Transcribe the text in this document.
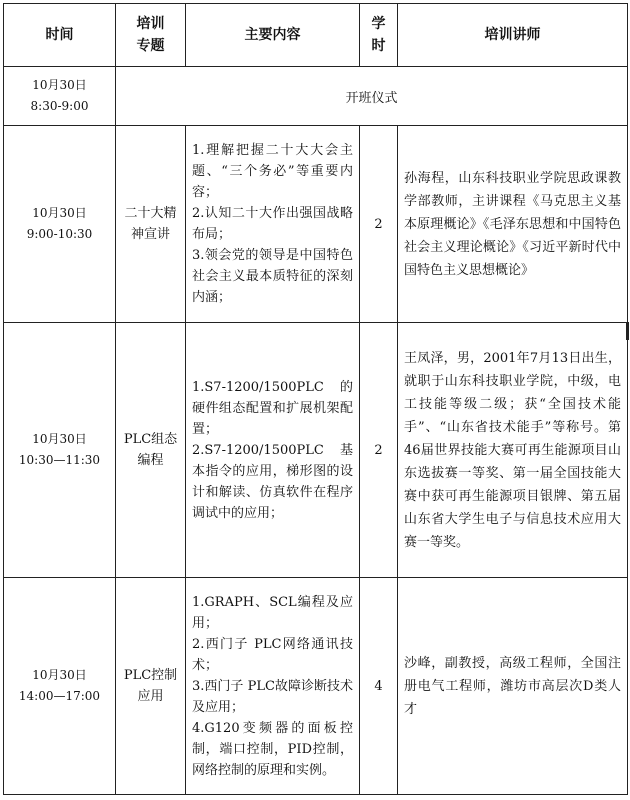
时间	培训专题	主要内容	学时	培训讲师

10月30日
8:30-9:00	开班仪式			

10月30日
9:00-10:30	二十大精神宣讲	1.理解把握二十大大会主题、“三个务必”等重要内容；
2.认知二十大作出强国战略布局；
3.领会党的领导是中国特色社会主义最本质特征的深刻内涵；	2	孙海程，山东科技职业学院思政课教学部教师，主讲课程《马克思主义基本原理概论》《毛泽东思想和中国特色社会主义理论概论》《习近平新时代中国特色主义思想概论》

10月30日
10:30—11:30	PLC组态编程	1.S7-1200/1500PLC 的硬件组态配置和扩展机架配置；
2.S7-1200/1500PLC 基本指令的应用，梯形图的设计和解读、仿真软件在程序调试中的应用；	2	王凤泽，男，2001年7月13日出生，就职于山东科技职业学院，中级，电工技能等级二级；获“全国技术能手”、“山东省技术能手”等称号。第46届世界技能大赛可再生能源项目山东选拔赛一等奖、第一届全国技能大赛中获可再生能源项目银牌、第五届山东省大学生电子与信息技术应用大赛一等奖。

10月30日
14:00—17:00	PLC控制应用	1.GRAPH、SCL编程及应用；
2.西门子 PLC网络通讯技术；
3.西门子 PLC故障诊断技术及应用；
4.G120变频器的面板控制，端口控制，PID控制，网络控制的原理和实例。	4	沙峰，副教授，高级工程师，全国注册电气工程师，潍坊市高层次D类人才
